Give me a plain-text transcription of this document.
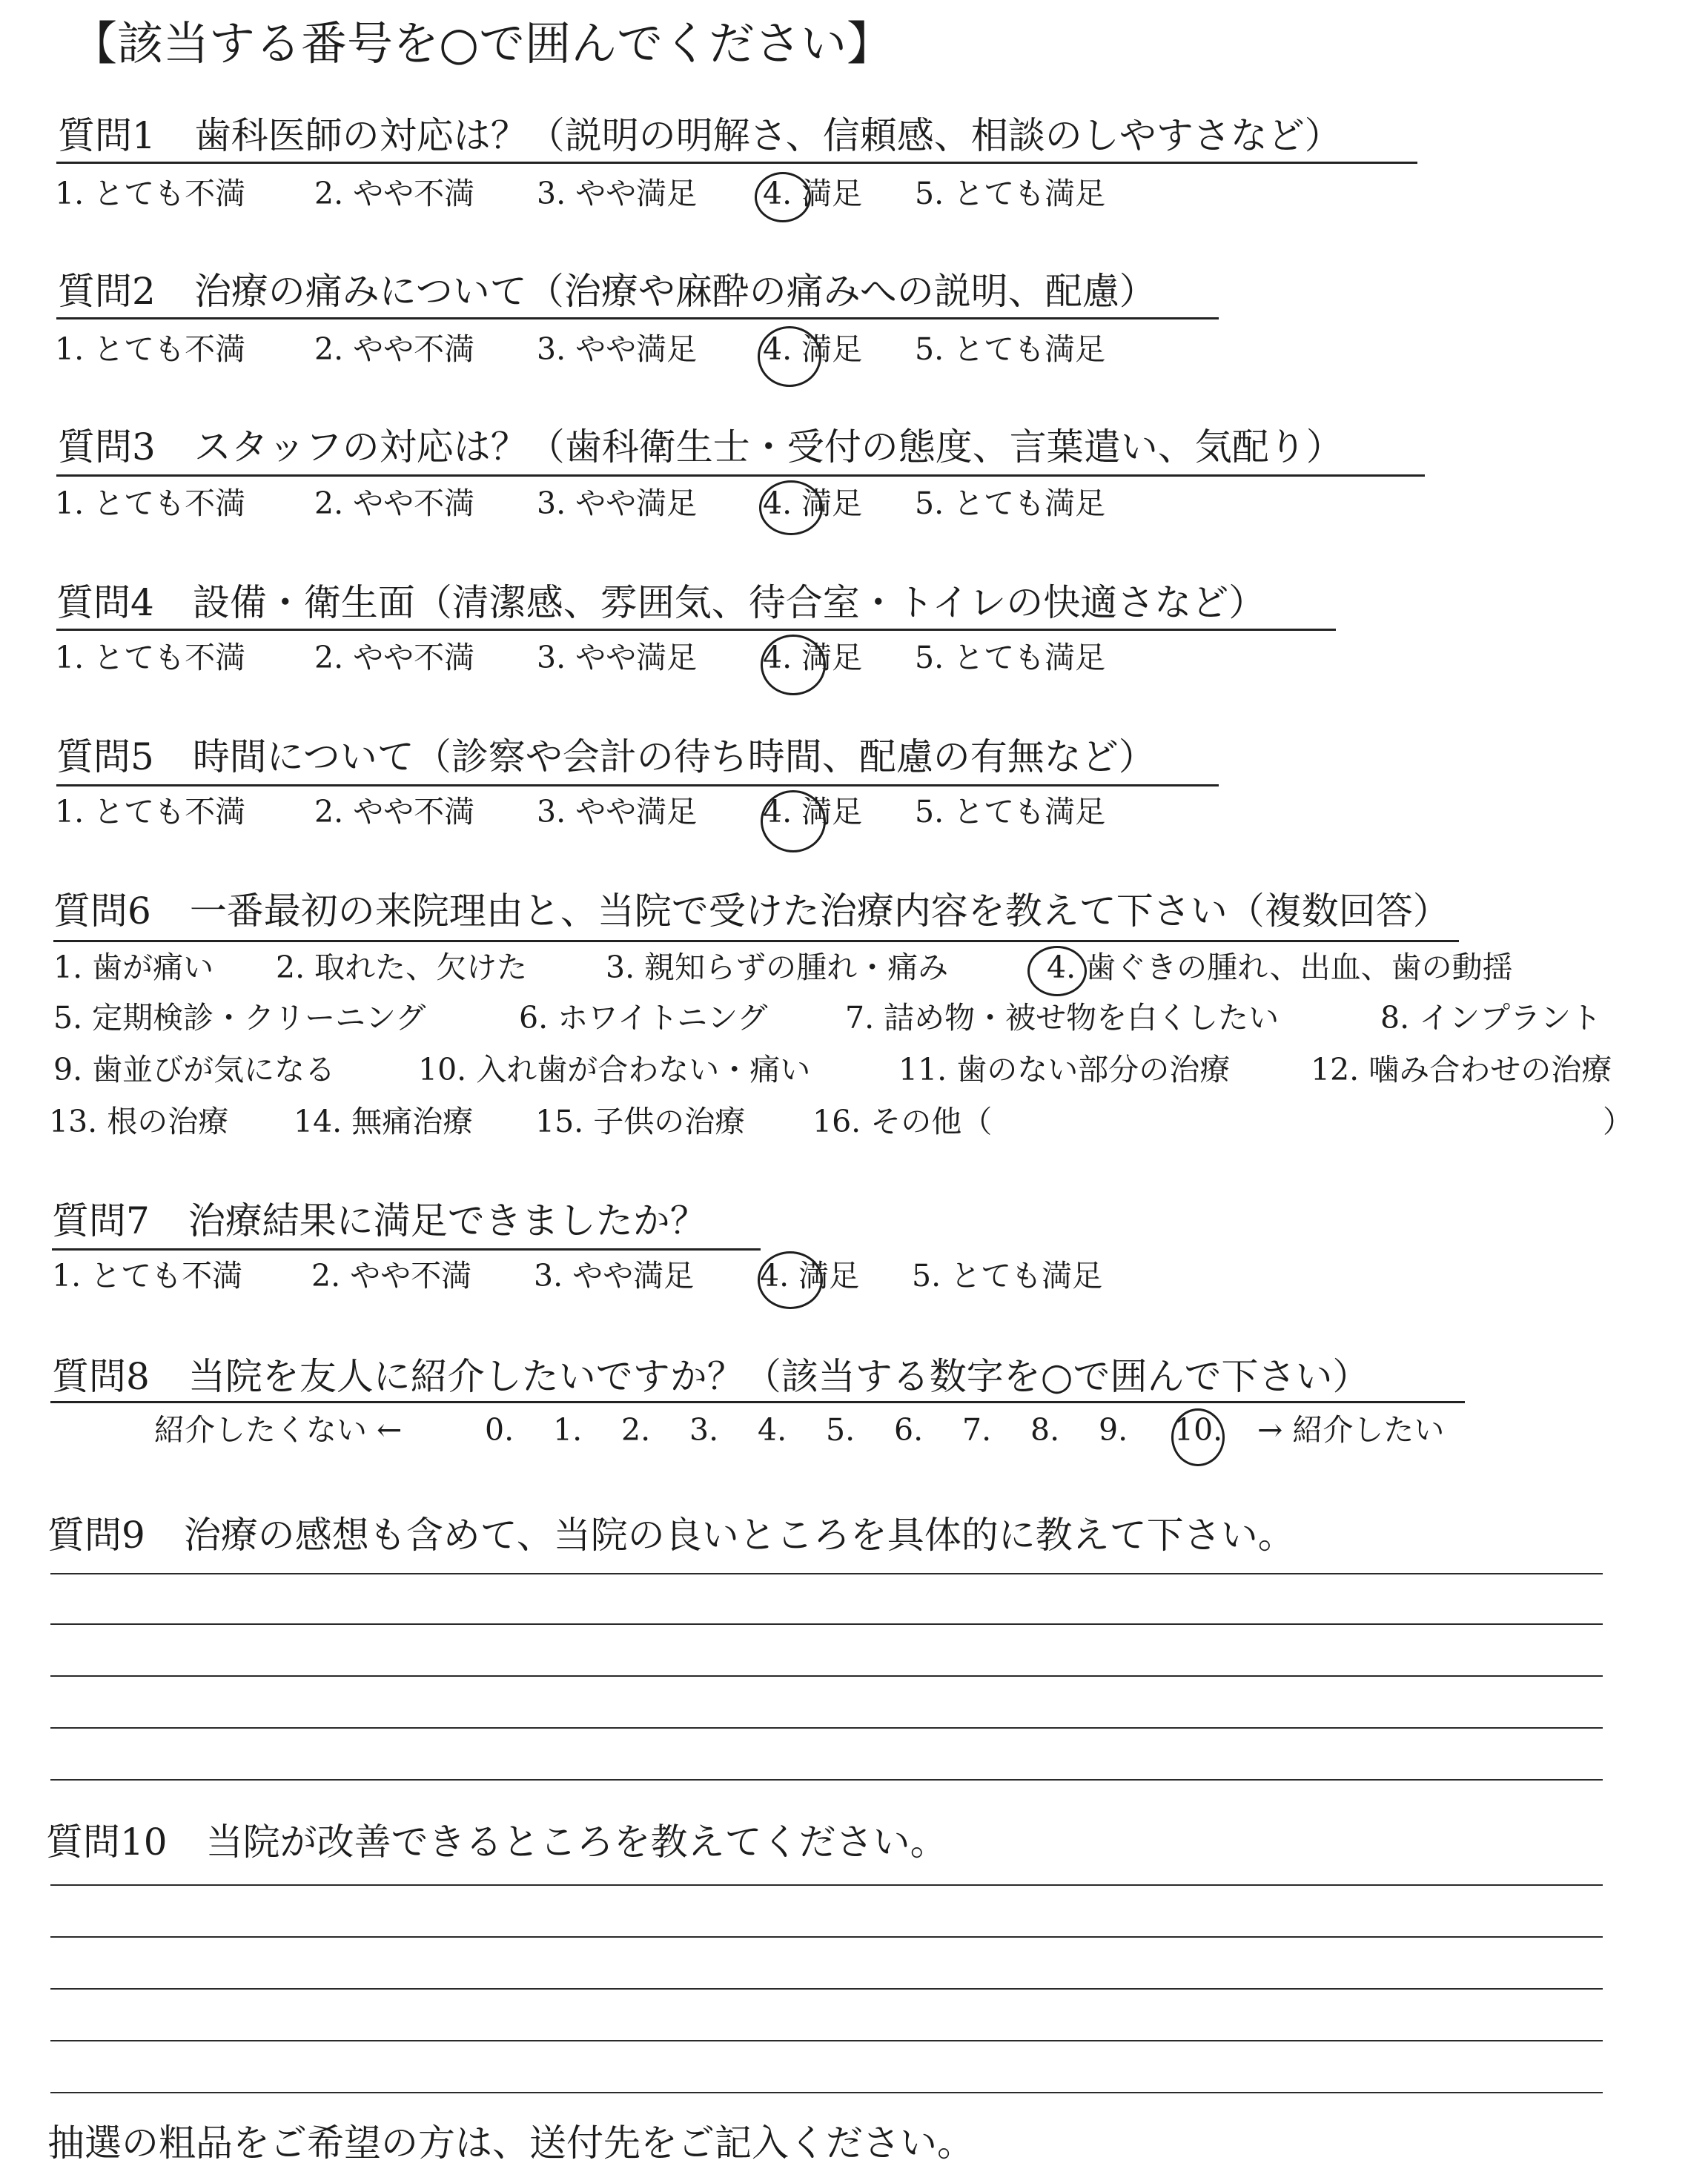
【該当する番号を○で囲んでください】
質問1 歯科医師の対応は？（説明の明解さ、信頼感、相談のしやすさなど）
1. とても不満 2. やや不満 3. やや満足 4. 満足 5. とても満足
質問2 治療の痛みについて（治療や麻酔の痛みへの説明、配慮）
1. とても不満 2. やや不満 3. やや満足 4. 満足 5. とても満足
質問3 スタッフの対応は？（歯科衛生士・受付の態度、言葉遣い、気配り）
1. とても不満 2. やや不満 3. やや満足 4. 満足 5. とても満足
質問4 設備・衛生面（清潔感、雰囲気、待合室・トイレの快適さなど）
1. とても不満 2. やや不満 3. やや満足 4. 満足 5. とても満足
質問5 時間について（診察や会計の待ち時間、配慮の有無など）
1. とても不満 2. やや不満 3. やや満足 4. 満足 5. とても満足
質問6 一番最初の来院理由と、当院で受けた治療内容を教えて下さい（複数回答）
1. 歯が痛い 2. 取れた、欠けた	3. 親知らずの腫れ・痛み	4. 歯ぐきの腫れ、出血、歯の動揺
5. 定期検診・クリーニング	6. ホワイトニング	7. 詰め物・被せ物を白くしたい	8. インプラント
9. 歯並びが気になる	10. 入れ歯が合わない・痛い	11. 歯のない部分の治療	12. 噛み合わせの治療
13. 根の治療 14. 無痛治療 15. 子供の治療 16. その他（	）
質問7 治療結果に満足できましたか？
1. とても不満 2. やや不満 3. やや満足 4. 満足 5. とても満足
質問8 当院を友人に紹介したいですか？（該当する数字を○で囲んで下さい）
紹介したくない ←	0. 1. 2. 3. 4. 5. 6. 7. 8. 9. 10. → 紹介したい
質問9 治療の感想も含めて、当院の良いところを具体的に教えて下さい。
質問10 当院が改善できるところを教えてください。
抽選の粗品をご希望の方は、送付先をご記入ください。
